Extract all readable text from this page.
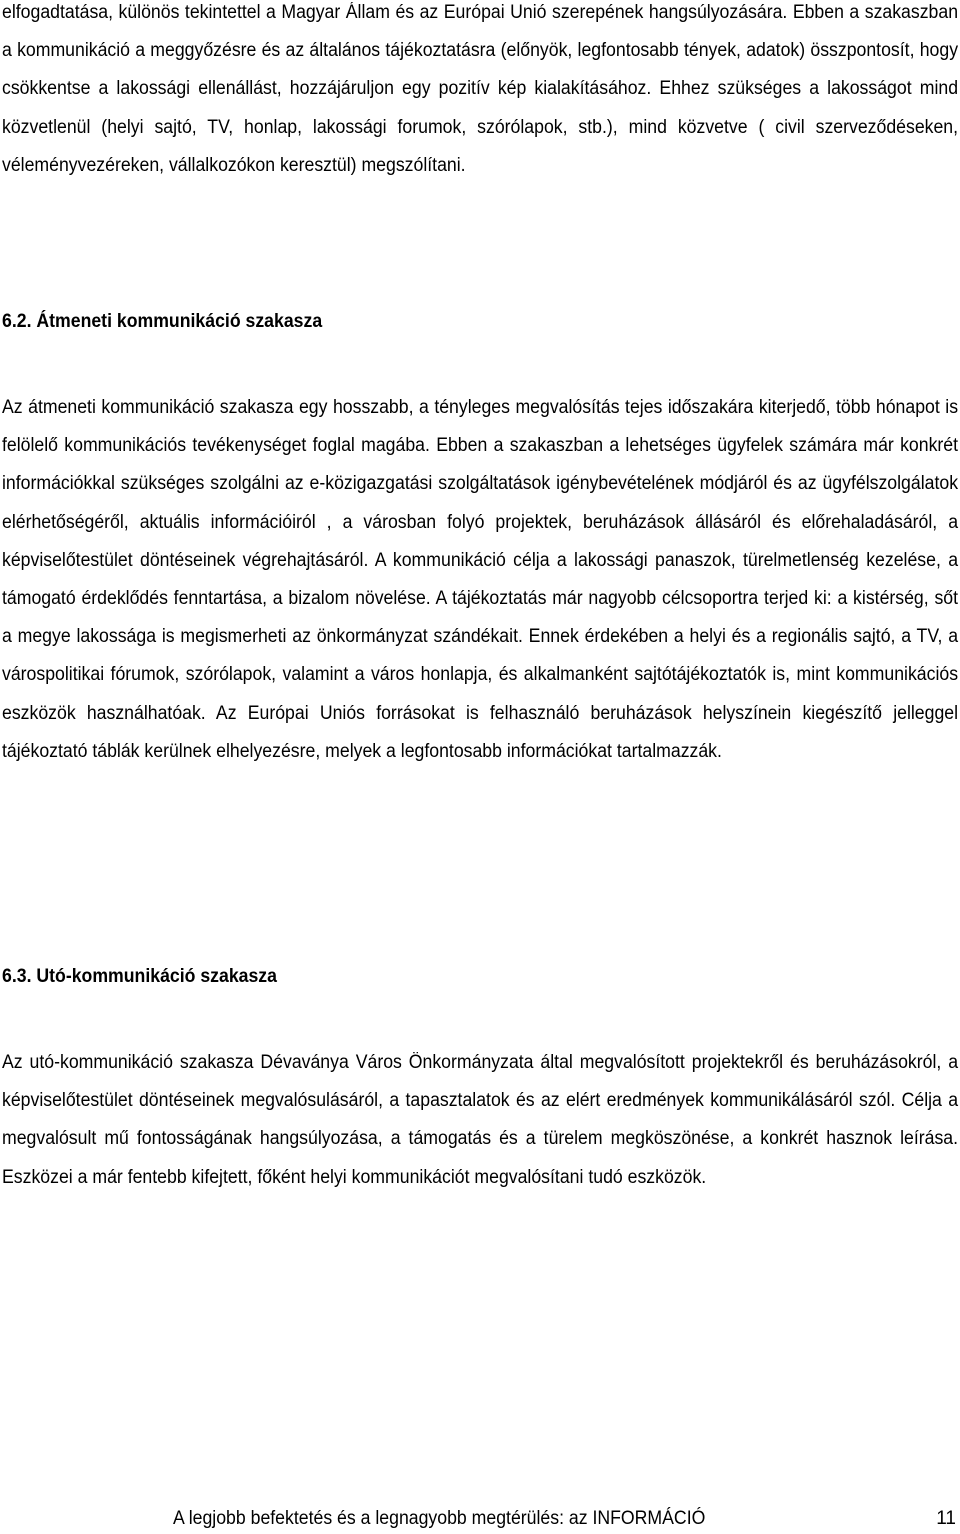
elfogadtatása, különös tekintettel a Magyar Állam és az Európai Unió szerepének hangsúlyozására. Ebben a szakaszban a kommunikáció a meggyőzésre és az általános tájékoztatásra (előnyök, legfontosabb tények, adatok) összpontosít, hogy csökkentse a lakossági ellenállást, hozzájáruljon egy pozitív kép kialakításához. Ehhez szükséges a lakosságot mind közvetlenül (helyi sajtó, TV, honlap, lakossági forumok, szórólapok, stb.), mind közvetve ( civil szerveződéseken, véleményvezéreken, vállalkozókon keresztül) megszólítani.

6.2. Átmeneti kommunikáció szakasza

Az átmeneti kommunikáció szakasza egy hosszabb, a tényleges megvalósítás tejes időszakára kiterjedő, több hónapot is felölelő kommunikációs tevékenységet foglal magába. Ebben a szakaszban a lehetséges ügyfelek számára már konkrét információkkal szükséges szolgálni az e-közigazgatási szolgáltatások igénybevételének módjáról és az ügyfélszolgálatok elérhetőségéről, aktuális információiról , a városban folyó projektek, beruházások állásáról és előrehaladásáról, a képviselőtestület döntéseinek végrehajtásáról. A kommunikáció célja a lakossági panaszok, türelmetlenség kezelése, a támogató érdeklődés fenntartása, a bizalom növelése. A tájékoztatás már nagyobb célcsoportra terjed ki: a kistérség, sőt a megye lakossága is megismerheti az önkormányzat szándékait. Ennek érdekében a helyi és a regionális sajtó, a TV, a várospolitikai fórumok, szórólapok, valamint a város honlapja, és alkalmanként sajtótájékoztatók is, mint kommunikációs eszközök használhatóak. Az Európai Uniós forrásokat is felhasználó beruházások helyszínein kiegészítő jelleggel tájékoztató táblák kerülnek elhelyezésre, melyek a legfontosabb információkat tartalmazzák.

6.3. Utó-kommunikáció szakasza

Az utó-kommunikáció szakasza Dévaványa Város Önkormányzata által megvalósított projektekről és beruházásokról, a képviselőtestület döntéseinek megvalósulásáról, a tapasztalatok és az elért eredmények kommunikálásáról szól. Célja a megvalósult mű fontosságának hangsúlyozása, a támogatás és a türelem megköszönése, a konkrét hasznok leírása. Eszközei a már fentebb kifejtett, főként helyi kommunikációt megvalósítani tudó eszközök.

A legjobb befektetés és a legnagyobb megtérülés: az INFORMÁCIÓ	11
